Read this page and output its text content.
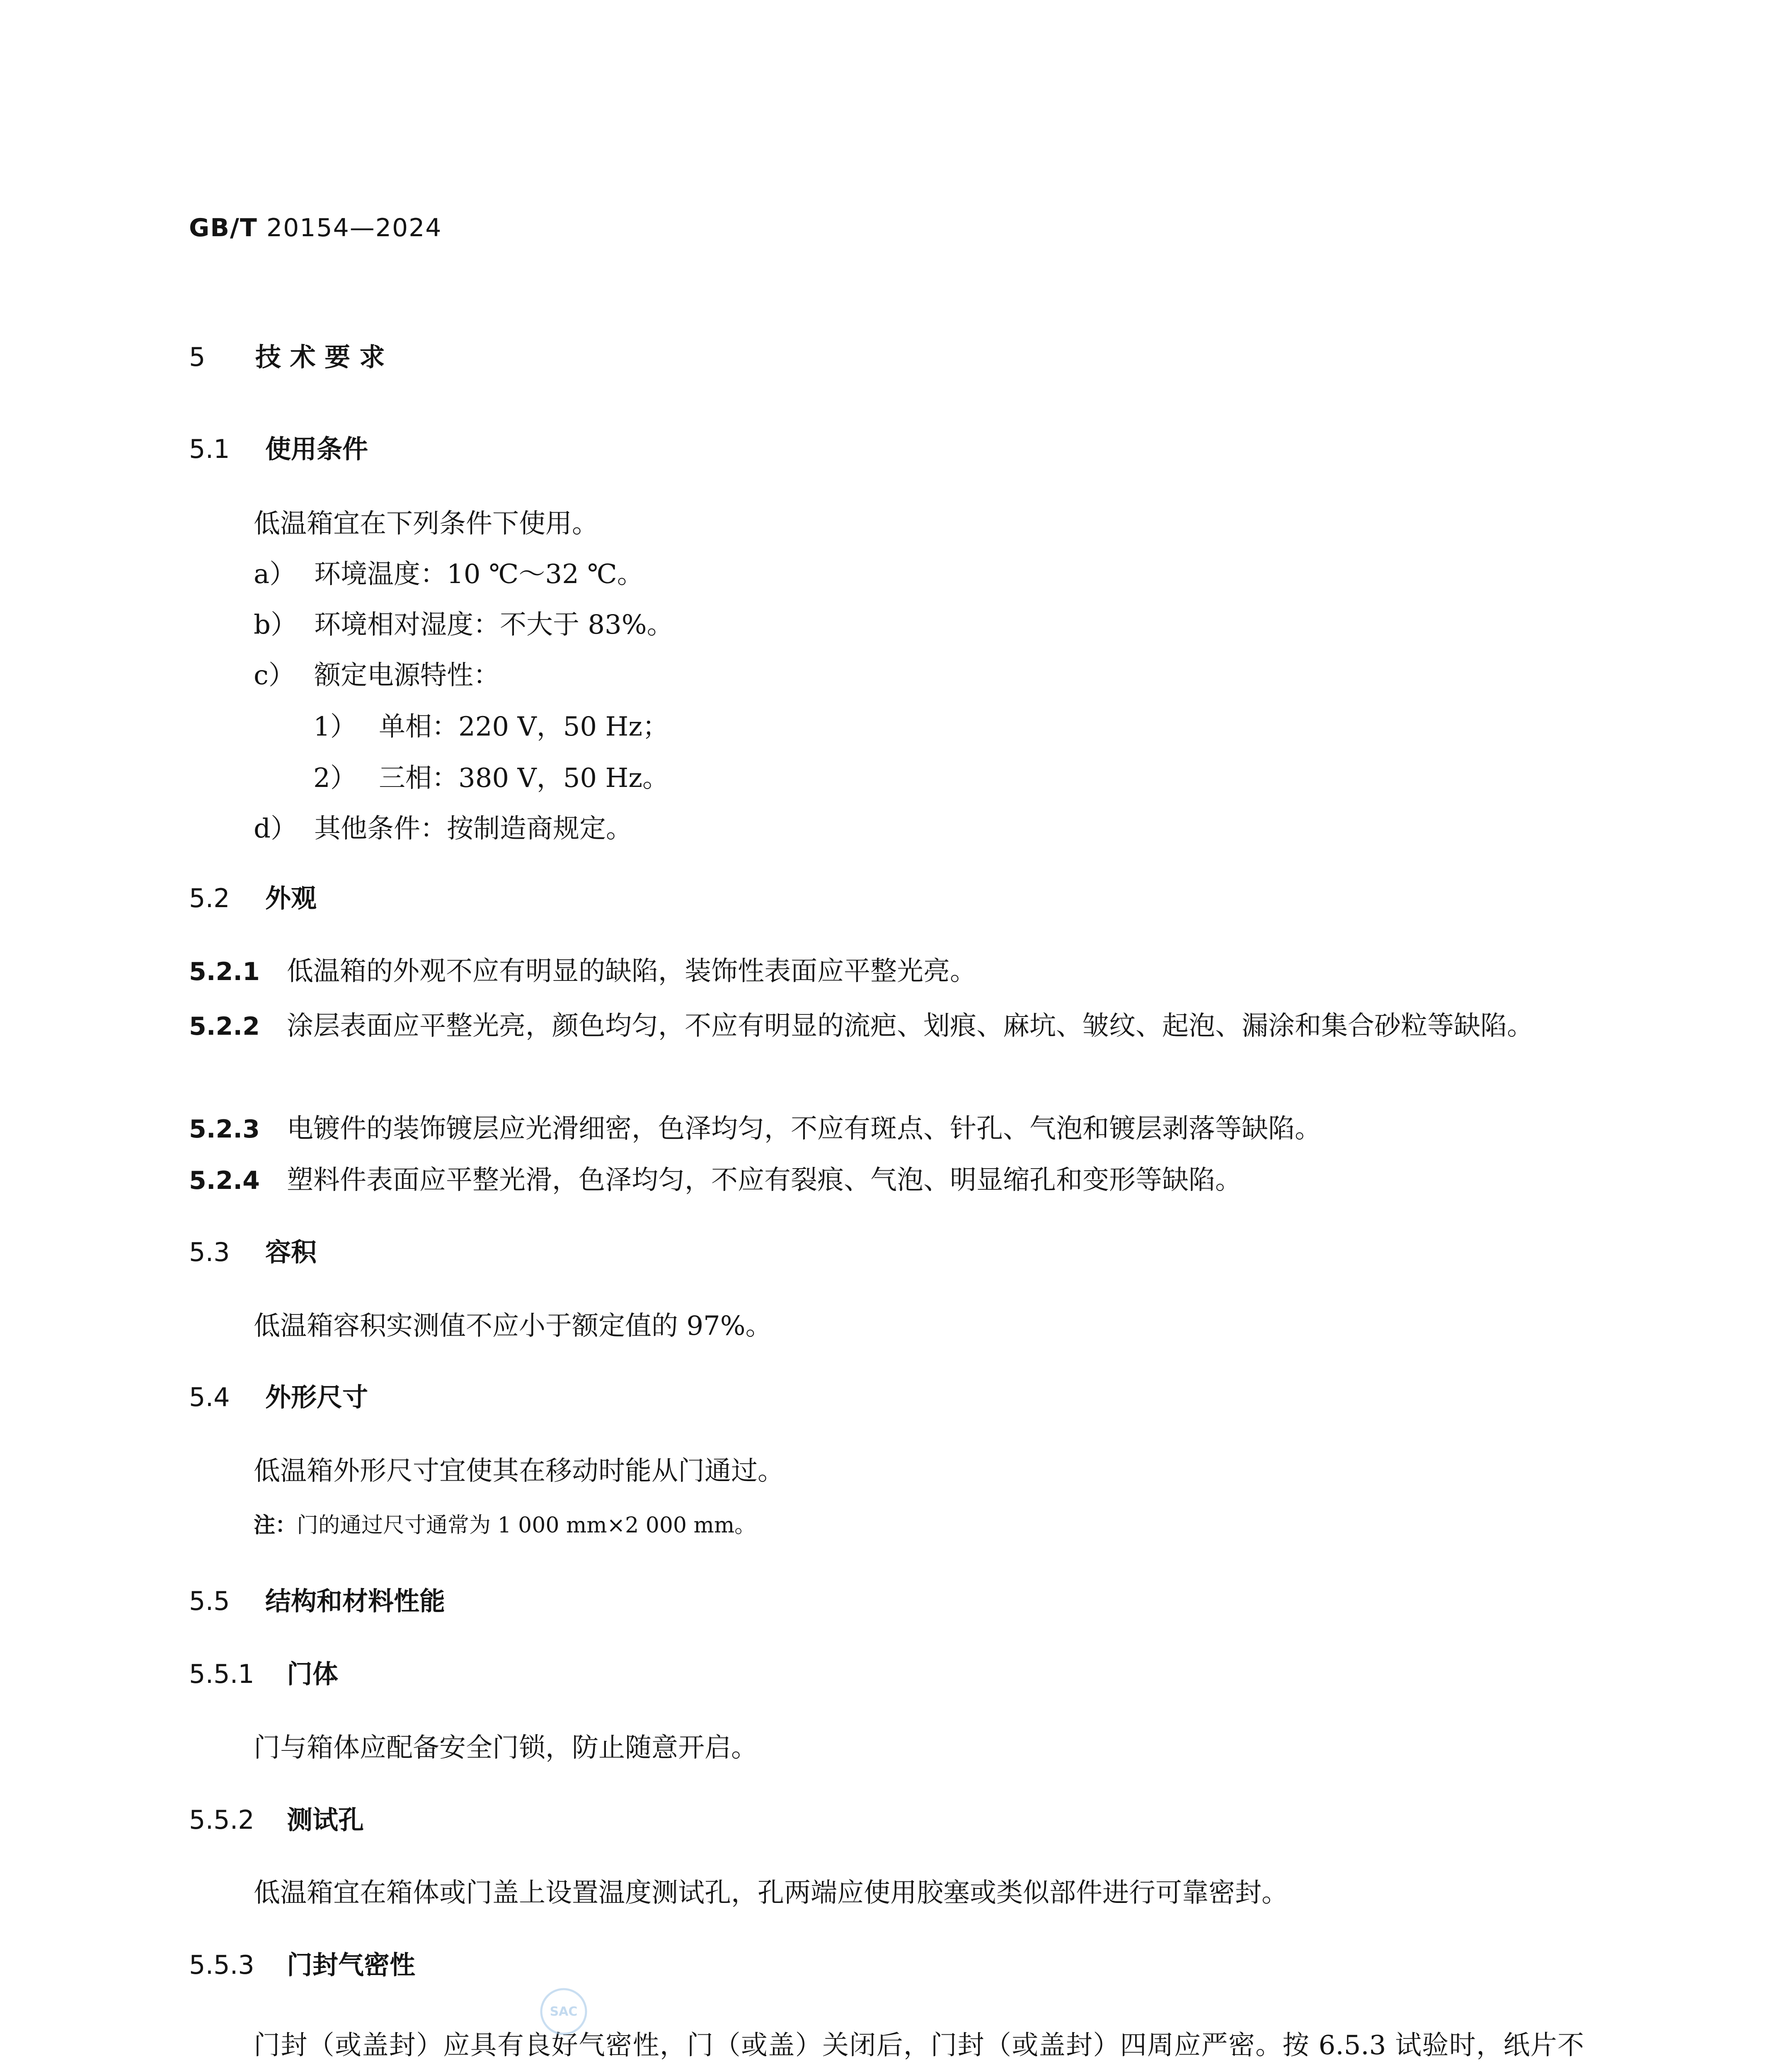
GB/T 20154—2024
5 技 术 要 求
5.1 使用条件
低温箱宜在下列条件下使用。
a） 环境温度：10 ℃～32 ℃。
b） 环境相对湿度：不大于 83%。
c） 额定电源特性：
1） 单相：220 V，50 Hz；
2） 三相：380 V，50 Hz。
d） 其他条件：按制造商规定。
5.2 外观
5.2.1 低温箱的外观不应有明显的缺陷，装饰性表面应平整光亮。
5.2.2 涂层表面应平整光亮，颜色均匀，不应有明显的流疤、划痕、麻坑、皱纹、起泡、漏涂和集合砂粒等缺陷。
5.2.3 电镀件的装饰镀层应光滑细密，色泽均匀，不应有斑点、针孔、气泡和镀层剥落等缺陷。
5.2.4 塑料件表面应平整光滑，色泽均匀，不应有裂痕、气泡、明显缩孔和变形等缺陷。
5.3 容积
低温箱容积实测值不应小于额定值的 97%。
5.4 外形尺寸
低温箱外形尺寸宜使其在移动时能从门通过。
注：门的通过尺寸通常为 1 000 mm×2 000 mm。
5.5 结构和材料性能
5.5.1 门体
门与箱体应配备安全门锁，防止随意开启。
5.5.2 测试孔
低温箱宜在箱体或门盖上设置温度测试孔，孔两端应使用胶塞或类似部件进行可靠密封。
5.5.3 门封气密性
门封（或盖封）应具有良好气密性，门（或盖）关闭后，门封（或盖封）四周应严密。按 6.5.3 试验时，纸片不
SAC
